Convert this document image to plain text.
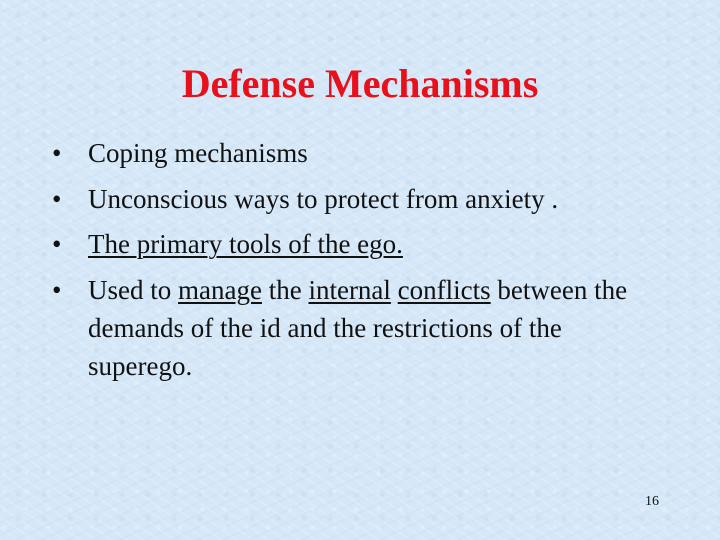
Defense Mechanisms
• Coping mechanisms
• Unconscious ways to protect from anxiety .
• The primary tools of the ego.
• Used to manage the internal conflicts between the demands of the id and the restrictions of the superego.
16
